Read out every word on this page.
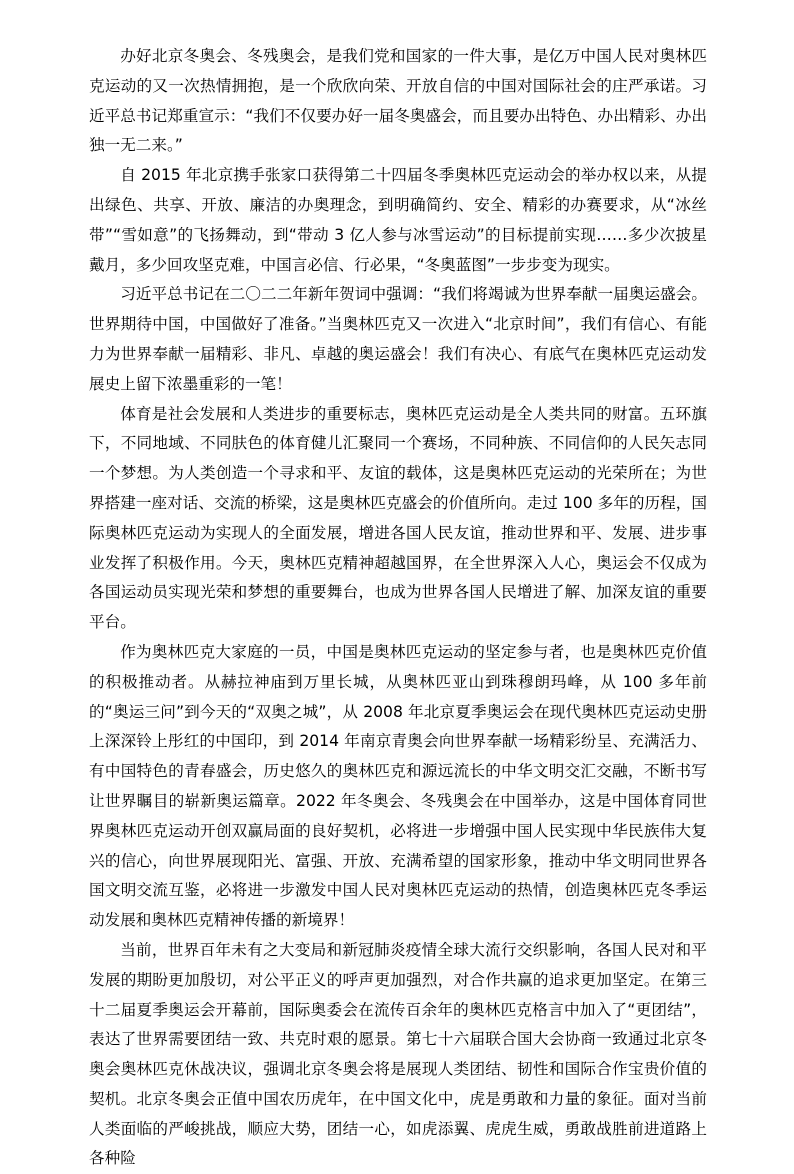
办好北京冬奥会、冬残奥会，是我们党和国家的一件大事，是亿万中国人民对奥林匹克运动的又一次热情拥抱，是一个欣欣向荣、开放自信的中国对国际社会的庄严承诺。习近平总书记郑重宣示：“我们不仅要办好一届冬奥盛会，而且要办出特色、办出精彩、办出独一无二来。”

自 2015 年北京携手张家口获得第二十四届冬季奥林匹克运动会的举办权以来，从提出绿色、共享、开放、廉洁的办奥理念，到明确简约、安全、精彩的办赛要求，从“冰丝带”“雪如意”的飞扬舞动，到“带动 3 亿人参与冰雪运动”的目标提前实现……多少次披星戴月，多少回攻坚克难，中国言必信、行必果，“冬奥蓝图”一步步变为现实。

习近平总书记在二〇二二年新年贺词中强调：“我们将竭诚为世界奉献一届奥运盛会。世界期待中国，中国做好了准备。”当奥林匹克又一次进入“北京时间”，我们有信心、有能力为世界奉献一届精彩、非凡、卓越的奥运盛会！我们有决心、有底气在奥林匹克运动发展史上留下浓墨重彩的一笔！

体育是社会发展和人类进步的重要标志，奥林匹克运动是全人类共同的财富。五环旗下，不同地域、不同肤色的体育健儿汇聚同一个赛场，不同种族、不同信仰的人民矢志同一个梦想。为人类创造一个寻求和平、友谊的载体，这是奥林匹克运动的光荣所在；为世界搭建一座对话、交流的桥梁，这是奥林匹克盛会的价值所向。走过 100 多年的历程，国际奥林匹克运动为实现人的全面发展，增进各国人民友谊，推动世界和平、发展、进步事业发挥了积极作用。今天，奥林匹克精神超越国界，在全世界深入人心，奥运会不仅成为各国运动员实现光荣和梦想的重要舞台，也成为世界各国人民增进了解、加深友谊的重要平台。

作为奥林匹克大家庭的一员，中国是奥林匹克运动的坚定参与者，也是奥林匹克价值的积极推动者。从赫拉神庙到万里长城，从奥林匹亚山到珠穆朗玛峰，从 100 多年前的“奥运三问”到今天的“双奥之城”，从 2008 年北京夏季奥运会在现代奥林匹克运动史册上深深铃上彤红的中国印，到 2014 年南京青奥会向世界奉献一场精彩纷呈、充满活力、有中国特色的青春盛会，历史悠久的奥林匹克和源远流长的中华文明交汇交融，不断书写让世界瞩目的崭新奥运篇章。2022 年冬奥会、冬残奥会在中国举办，这是中国体育同世界奥林匹克运动开创双赢局面的良好契机，必将进一步增强中国人民实现中华民族伟大复兴的信心，向世界展现阳光、富强、开放、充满希望的国家形象，推动中华文明同世界各国文明交流互鉴，必将进一步激发中国人民对奥林匹克运动的热情，创造奥林匹克冬季运动发展和奥林匹克精神传播的新境界！

当前，世界百年未有之大变局和新冠肺炎疫情全球大流行交织影响，各国人民对和平发展的期盼更加殷切，对公平正义的呼声更加强烈，对合作共赢的追求更加坚定。在第三十二届夏季奥运会开幕前，国际奥委会在流传百余年的奥林匹克格言中加入了“更团结”，表达了世界需要团结一致、共克时艰的愿景。第七十六届联合国大会协商一致通过北京冬奥会奥林匹克休战决议，强调北京冬奥会将是展现人类团结、韧性和国际合作宝贵价值的契机。北京冬奥会正值中国农历虎年，在中国文化中，虎是勇敢和力量的象征。面对当前人类面临的严峻挑战，顺应大势，团结一心，如虎添翼、虎虎生威，勇敢战胜前进道路上各种险
